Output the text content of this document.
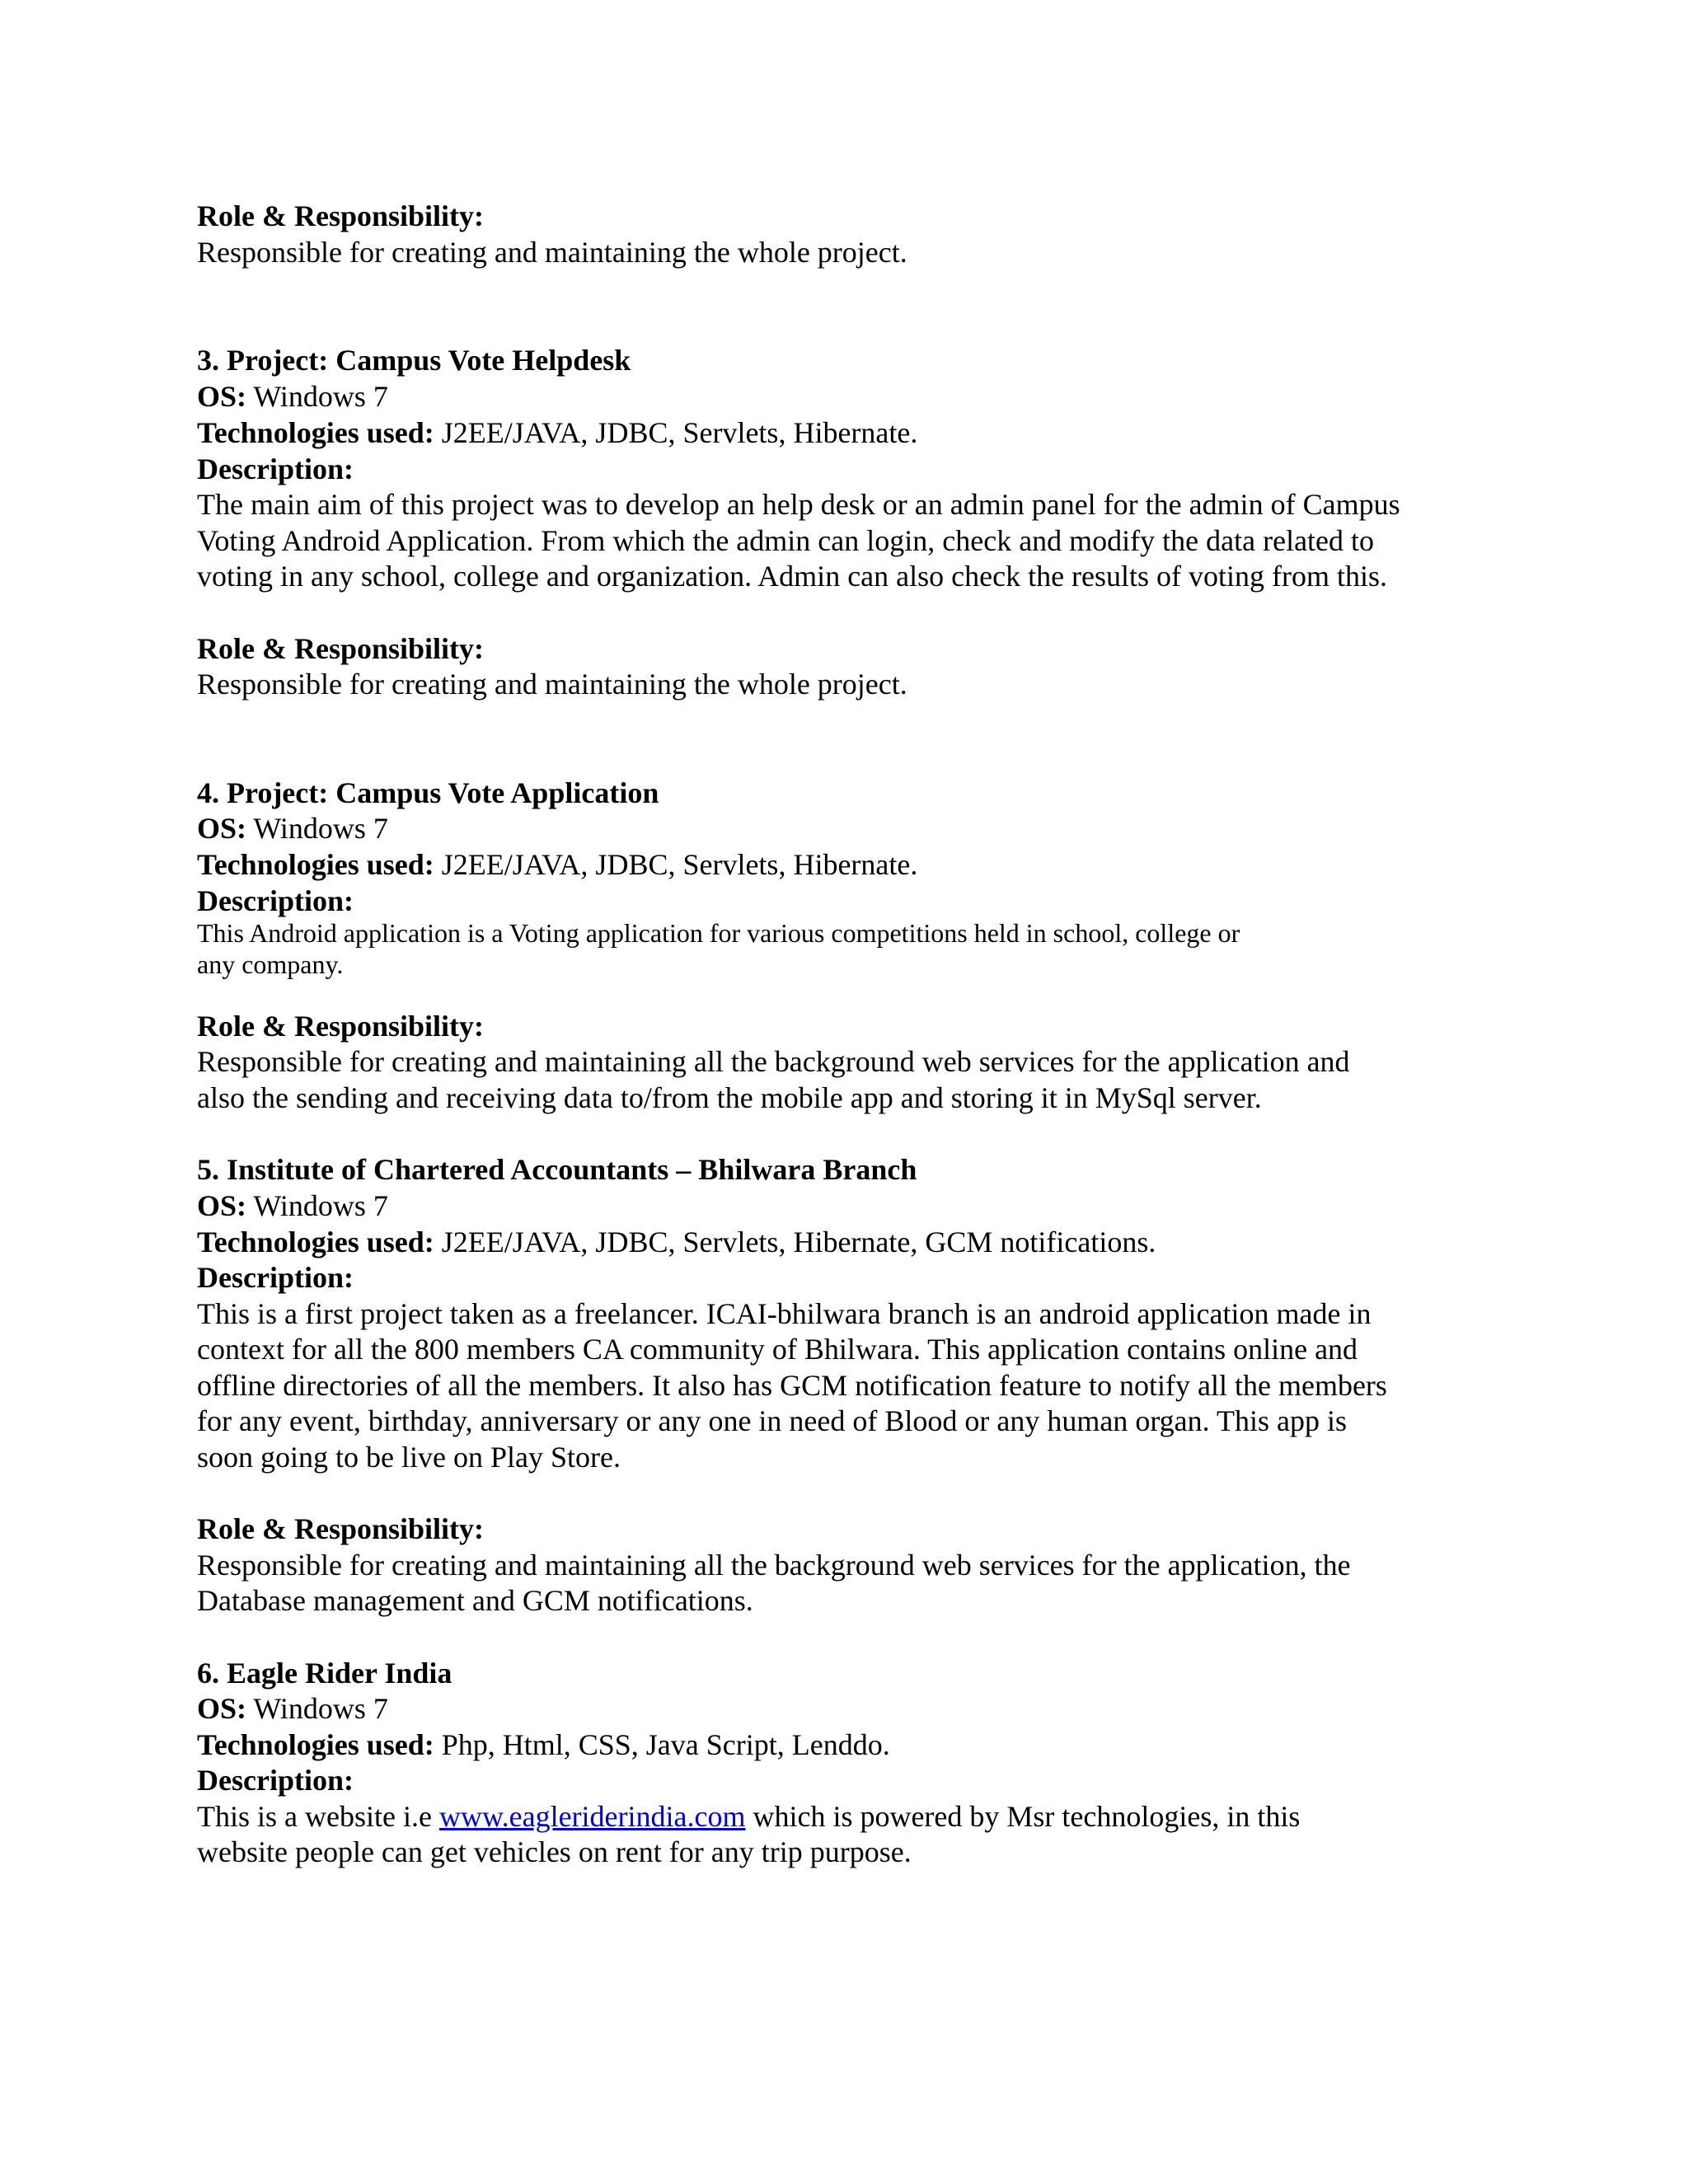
Role & Responsibility:
Responsible for creating and maintaining the whole project.
3. Project: Campus Vote Helpdesk
OS: Windows 7
Technologies used: J2EE/JAVA, JDBC, Servlets, Hibernate.
Description:
The main aim of this project was to develop an help desk or an admin panel for the admin of Campus
Voting Android Application. From which the admin can login, check and modify the data related to
voting in any school, college and organization. Admin can also check the results of voting from this.
Role & Responsibility:
Responsible for creating and maintaining the whole project.
4. Project: Campus Vote Application
OS: Windows 7
Technologies used: J2EE/JAVA, JDBC, Servlets, Hibernate.
Description:
This Android application is a Voting application for various competitions held in school, college or
any company.
Role & Responsibility:
Responsible for creating and maintaining all the background web services for the application and
also the sending and receiving data to/from the mobile app and storing it in MySql server.
5. Institute of Chartered Accountants – Bhilwara Branch
OS: Windows 7
Technologies used: J2EE/JAVA, JDBC, Servlets, Hibernate, GCM notifications.
Description:
This is a first project taken as a freelancer. ICAI-bhilwara branch is an android application made in
context for all the 800 members CA community of Bhilwara. This application contains online and
offline directories of all the members. It also has GCM notification feature to notify all the members
for any event, birthday, anniversary or any one in need of Blood or any human organ. This app is
soon going to be live on Play Store.
Role & Responsibility:
Responsible for creating and maintaining all the background web services for the application, the
Database management and GCM notifications.
6. Eagle Rider India
OS: Windows 7
Technologies used: Php, Html, CSS, Java Script, Lenddo.
Description:
This is a website i.e www.eagleriderindia.com which is powered by Msr technologies, in this
website people can get vehicles on rent for any trip purpose.
